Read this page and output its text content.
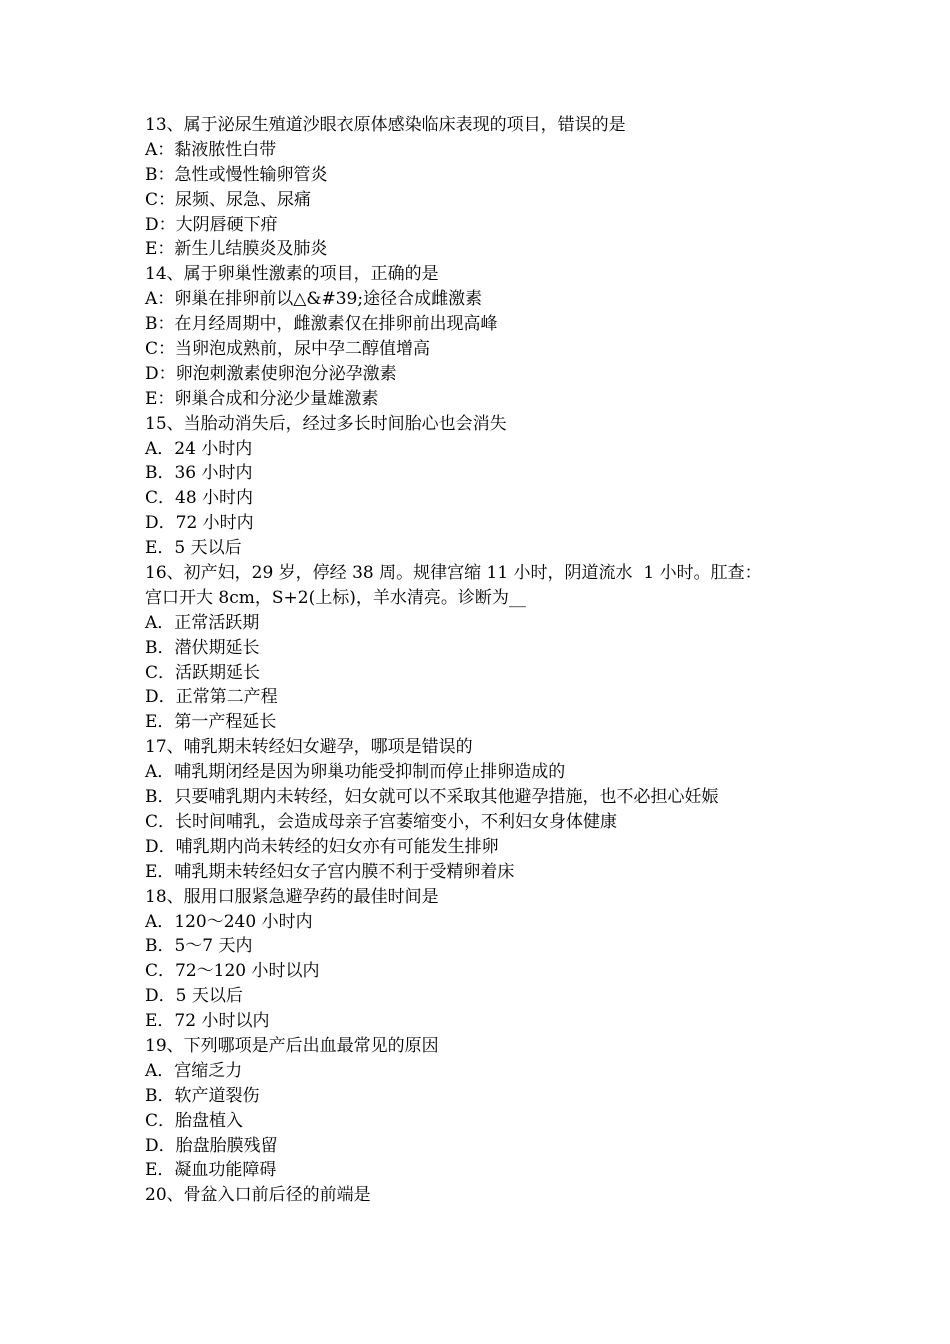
13、属于泌尿生殖道沙眼衣原体感染临床表现的项目，错误的是
A：黏液脓性白带
B：急性或慢性输卵管炎
C：尿频、尿急、尿痛
D：大阴唇硬下疳
E：新生儿结膜炎及肺炎
14、属于卵巢性激素的项目，正确的是
A：卵巢在排卵前以△&#39;途径合成雌激素
B：在月经周期中，雌激素仅在排卵前出现高峰
C：当卵泡成熟前，尿中孕二醇值增高
D：卵泡刺激素使卵泡分泌孕激素
E：卵巢合成和分泌少量雄激素
15、当胎动消失后，经过多长时间胎心也会消失
A．24 小时内
B．36 小时内
C．48 小时内
D．72 小时内
E．5 天以后
16、初产妇，29 岁，停经 38 周。规律宫缩 11 小时，阴道流水  1 小时。肛查：
宫口开大 8cm，S+2(上标)，羊水清亮。诊断为__
A．正常活跃期
B．潜伏期延长
C．活跃期延长
D．正常第二产程
E．第一产程延长
17、哺乳期未转经妇女避孕，哪项是错误的
A．哺乳期闭经是因为卵巢功能受抑制而停止排卵造成的
B．只要哺乳期内未转经，妇女就可以不采取其他避孕措施，也不必担心妊娠
C．长时间哺乳，会造成母亲子宫萎缩变小，不利妇女身体健康
D．哺乳期内尚未转经的妇女亦有可能发生排卵
E．哺乳期未转经妇女子宫内膜不利于受精卵着床
18、服用口服紧急避孕药的最佳时间是
A．120～240 小时内
B．5～7 天内
C．72～120 小时以内
D．5 天以后
E．72 小时以内
19、下列哪项是产后出血最常见的原因
A．宫缩乏力
B．软产道裂伤
C．胎盘植入
D．胎盘胎膜残留
E．凝血功能障碍
20、骨盆入口前后径的前端是
